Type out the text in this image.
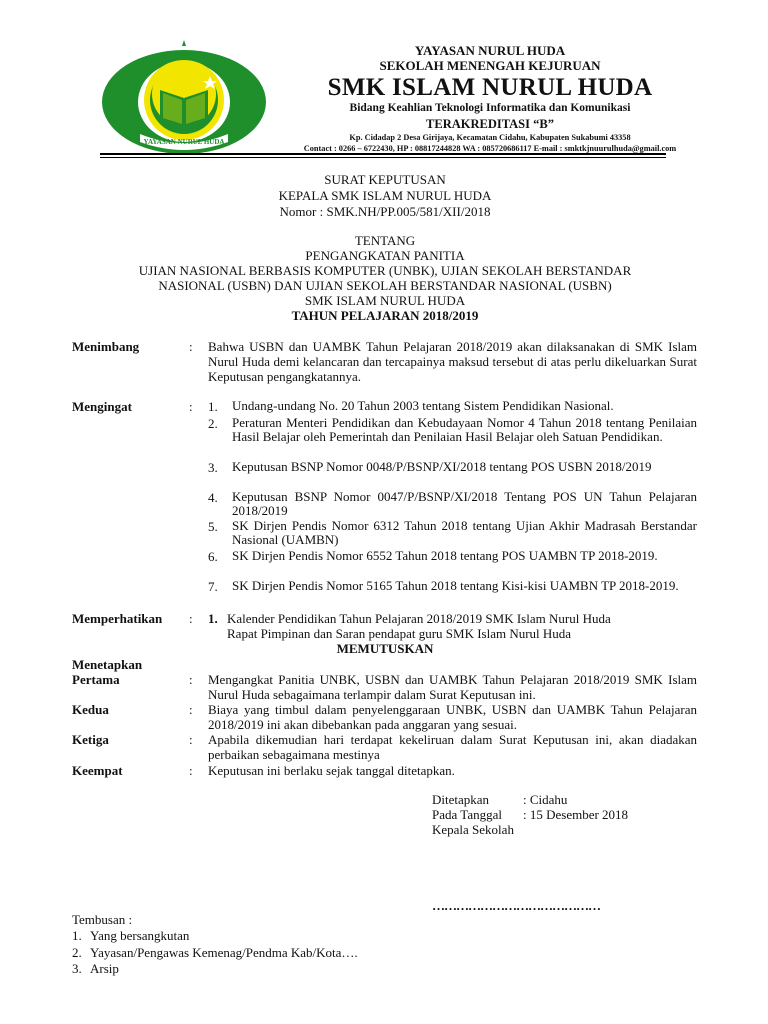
YAYASAN NURUL HUDA
YAYASAN NURUL HUDA
SEKOLAH MENENGAH KEJURUAN
SMK ISLAM NURUL HUDA
Bidang Keahlian Teknologi Informatika dan Komunikasi
TERAKREDITASI “B”
Kp. Cidadap 2 Desa Girijaya, Kecamatan Cidahu, Kabupaten Sukabumi 43358
Contact : 0266 – 6722430, HP : 08817244828 WA : 085720686117 E-mail : smktkjnuurulhuda@gmail.com
SURAT KEPUTUSAN
KEPALA SMK ISLAM NURUL HUDA
Nomor : SMK.NH/PP.005/581/XII/2018
TENTANG
PENGANGKATAN PANITIA
UJIAN NASIONAL BERBASIS KOMPUTER (UNBK), UJIAN SEKOLAH BERSTANDAR
NASIONAL (USBN) DAN UJIAN SEKOLAH BERSTANDAR NASIONAL (USBN)
SMK ISLAM NURUL HUDA
TAHUN PELAJARAN 2018/2019
Menimbang	: Bahwa USBN dan UAMBK Tahun Pelajaran 2018/2019 akan dilaksanakan di SMK Islam Nurul Huda demi kelancaran dan tercapainya maksud tersebut di atas perlu dikeluarkan Surat Keputusan pengangkatannya.
Mengingat	: 1. Undang-undang No. 20 Tahun 2003 tentang Sistem Pendidikan Nasional.
2. Peraturan Menteri Pendidikan dan Kebudayaan Nomor 4 Tahun 2018 tentang Penilaian Hasil Belajar oleh Pemerintah dan Penilaian Hasil Belajar oleh Satuan Pendidikan.
3. Keputusan BSNP Nomor 0048/P/BSNP/XI/2018 tentang POS USBN 2018/2019
4. Keputusan BSNP Nomor 0047/P/BSNP/XI/2018 Tentang POS UN Tahun Pelajaran 2018/2019
5. SK Dirjen Pendis Nomor 6312 Tahun 2018 tentang Ujian Akhir Madrasah Berstandar Nasional (UAMBN)
6. SK Dirjen Pendis Nomor 6552 Tahun 2018 tentang POS UAMBN TP 2018-2019.
7. SK Dirjen Pendis Nomor 5165 Tahun 2018 tentang Kisi-kisi UAMBN TP 2018-2019.
Memperhatikan : 1. Kalender Pendidikan Tahun Pelajaran 2018/2019 SMK Islam Nurul Huda
Rapat Pimpinan dan Saran pendapat guru SMK Islam Nurul Huda
MEMUTUSKAN
Menetapkan
Pertama	: Mengangkat Panitia UNBK, USBN dan UAMBK Tahun Pelajaran 2018/2019 SMK Islam Nurul Huda sebagaimana terlampir dalam Surat Keputusan ini.
Kedua	: Biaya yang timbul dalam penyelenggaraan UNBK, USBN dan UAMBK Tahun Pelajaran 2018/2019 ini akan dibebankan pada anggaran yang sesuai.
Ketiga	: Apabila dikemudian hari terdapat kekeliruan dalam Surat Keputusan ini, akan diadakan perbaikan sebagaimana mestinya
Keempat	: Keputusan ini berlaku sejak tanggal ditetapkan.
Ditetapkan	: Cidahu
Pada Tanggal : 15 Desember 2018
Kepala Sekolah
……………………………………
Tembusan :
1. Yang bersangkutan
2. Yayasan/Pengawas Kemenag/Pendma Kab/Kota….
3. Arsip
